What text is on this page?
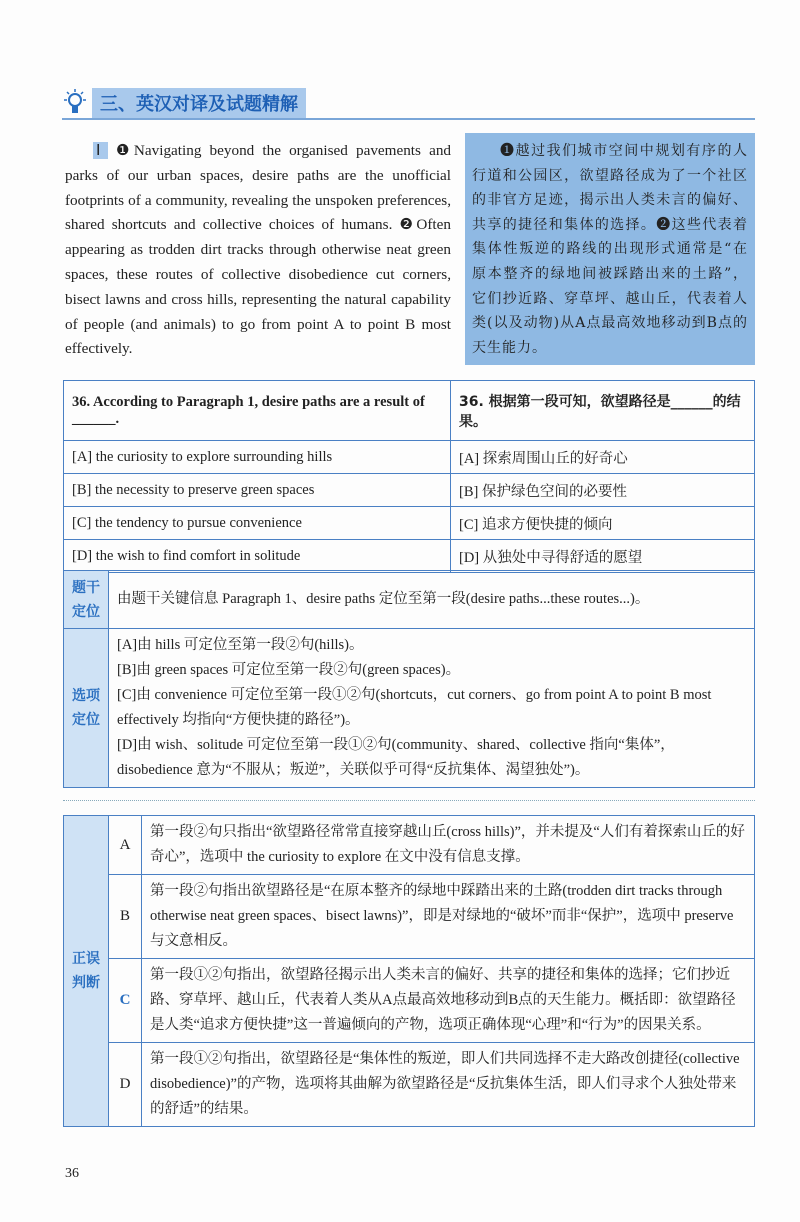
三、英汉对译及试题精解
Ⅰ ❶Navigating beyond the organised pavements and parks of our urban spaces, desire paths are the unofficial footprints of a community, revealing the unspoken preferences, shared shortcuts and collective choices of humans. ❷Often appearing as trodden dirt tracks through otherwise neat green spaces, these routes of collective disobedience cut corners, bisect lawns and cross hills, representing the natural capability of people (and animals) to go from point A to point B most effectively.
❶越过我们城市空间中规划有序的人行道和公园区，欲望路径成为了一个社区的非官方足迹，揭示出人类未言的偏好、共享的捷径和集体的选择。❷这些代表着集体性叛逆的路线的出现形式通常是“在原本整齐的绿地间被踩踏出来的土路”，它们抄近路、穿草坪、越山丘，代表着人类(以及动物)从A点最高效地移动到B点的天生能力。
36. According to Paragraph 1, desire paths are a result of ______.	36. 根据第一段可知，欲望路径是______的结果。
[A] the curiosity to explore surrounding hills	[A] 探索周围山丘的好奇心
[B] the necessity to preserve green spaces	[B] 保护绿色空间的必要性
[C] the tendency to pursue convenience	[C] 追求方便快捷的倾向
[D] the wish to find comfort in solitude	[D] 从独处中寻得舒适的愿望
题干定位	由题干关键信息 Paragraph 1、desire paths 定位至第一段(desire paths...these routes...)。
选项定位	[A]由 hills 可定位至第一段②句(hills)。
[B]由 green spaces 可定位至第一段②句(green spaces)。
[C]由 convenience 可定位至第一段①②句(shortcuts，cut corners、go from point A to point B most effectively 均指向“方便快捷的路径”)。
[D]由 wish、solitude 可定位至第一段①②句(community、shared、collective 指向“集体”，disobedience 意为“不服从；叛逆”，关联似乎可得“反抗集体、渴望独处”)。
正误判断	A	第一段②句只指出“欲望路径常常直接穿越山丘(cross hills)”，并未提及“人们有着探索山丘的好奇心”，选项中 the curiosity to explore 在文中没有信息支撑。
	B	第一段②句指出欲望路径是“在原本整齐的绿地中踩踏出来的土路(trodden dirt tracks through otherwise neat green spaces、bisect lawns)”，即是对绿地的“破坏”而非“保护”，选项中 preserve 与文意相反。
	C	第一段①②句指出，欲望路径揭示出人类未言的偏好、共享的捷径和集体的选择；它们抄近路、穿草坪、越山丘，代表着人类从A点最高效地移动到B点的天生能力。概括即：欲望路径是人类“追求方便快捷”这一普遍倾向的产物，选项正确体现“心理”和“行为”的因果关系。
	D	第一段①②句指出，欲望路径是“集体性的叛逆，即人们共同选择不走大路改创捷径(collective disobedience)”的产物，选项将其曲解为欲望路径是“反抗集体生活，即人们寻求个人独处带来的舒适”的结果。
36
